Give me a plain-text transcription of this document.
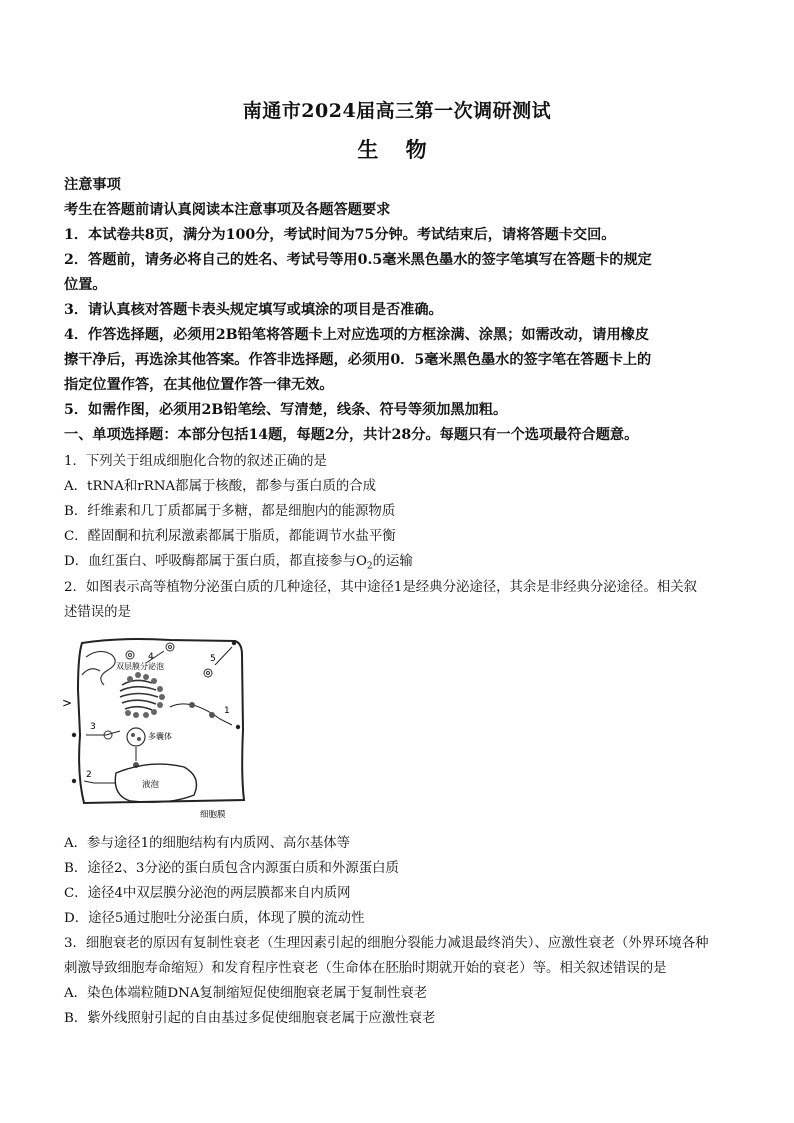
南通市2024届高三第一次调研测试
生 物
注意事项
考生在答题前请认真阅读本注意事项及各题答题要求
1．本试卷共8页，满分为100分，考试时间为75分钟。考试结束后，请将答题卡交回。
2．答题前，请务必将自己的姓名、考试号等用0.5毫米黑色墨水的签字笔填写在答题卡的规定
位置。
3．请认真核对答题卡表头规定填写或填涂的项目是否准确。
4．作答选择题，必须用2B铅笔将答题卡上对应选项的方框涂满、涂黑；如需改动，请用橡皮
擦干净后，再选涂其他答案。作答非选择题，必须用0．5毫米黑色墨水的签字笔在答题卡上的
指定位置作答，在其他位置作答一律无效。
5．如需作图，必须用2B铅笔绘、写清楚，线条、符号等须加黑加粗。
一、单项选择题：本部分包括14题，每题2分，共计28分。每题只有一个选项最符合题意。
1．下列关于组成细胞化合物的叙述正确的是
A．tRNA和rRNA都属于核酸，都参与蛋白质的合成
B．纤维素和几丁质都属于多糖，都是细胞内的能源物质
C．醛固酮和抗利尿激素都属于脂质，都能调节水盐平衡
D．血红蛋白、呼吸酶都属于蛋白质，都直接参与$O_2$的运输
2．如图表示高等植物分泌蛋白质的几种途径，其中途径1是经典分泌途径，其余是非经典分泌途径。相关叙
述错误的是
>
双层膜分泌泡
多囊体
液泡
细胞膜
1
2
3
4	5
A．参与途径1的细胞结构有内质网、高尔基体等
B．途径2、3分泌的蛋白质包含内源蛋白质和外源蛋白质
C．途径4中双层膜分泌泡的两层膜都来自内质网
D．途径5通过胞吐分泌蛋白质，体现了膜的流动性
3．细胞衰老的原因有复制性衰老（生理因素引起的细胞分裂能力减退最终消失）、应激性衰老（外界环境各种
刺激导致细胞寿命缩短）和发育程序性衰老（生命体在胚胎时期就开始的衰老）等。相关叙述错误的是
A．染色体端粒随DNA复制缩短促使细胞衰老属于复制性衰老
B．紫外线照射引起的自由基过多促使细胞衰老属于应激性衰老
